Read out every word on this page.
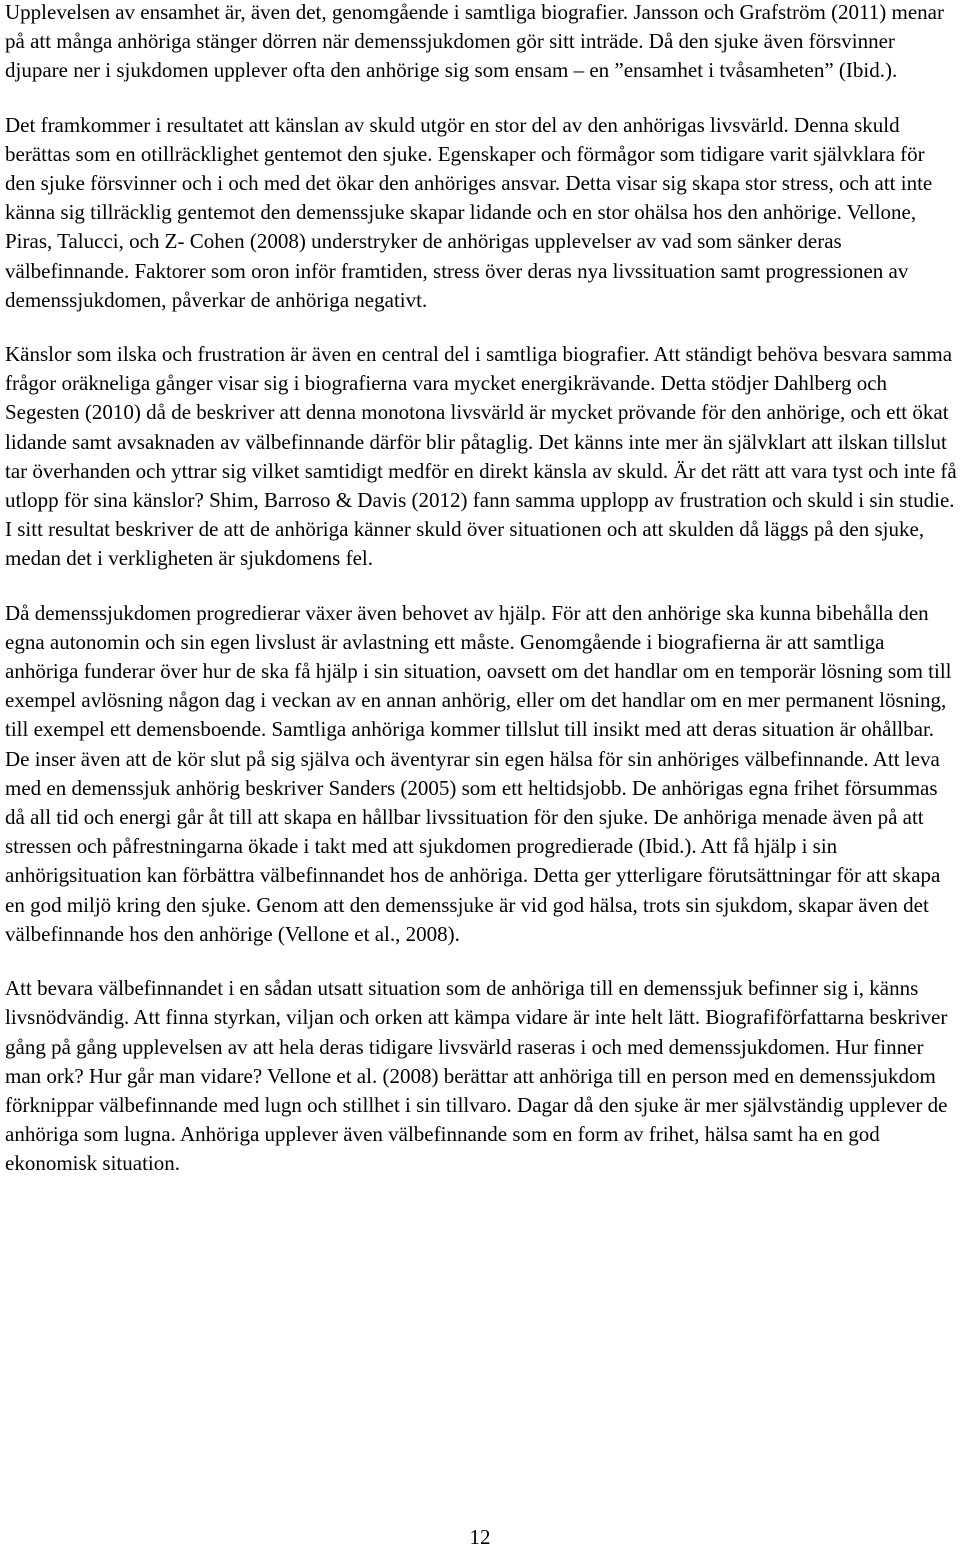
Upplevelsen av ensamhet är, även det, genomgående i samtliga biografier. Jansson och Grafström (2011) menar på att många anhöriga stänger dörren när demenssjukdomen gör sitt inträde. Då den sjuke även försvinner djupare ner i sjukdomen upplever ofta den anhörige sig som ensam – en ”ensamhet i tvåsamheten” (Ibid.).

Det framkommer i resultatet att känslan av skuld utgör en stor del av den anhörigas livsvärld. Denna skuld berättas som en otillräcklighet gentemot den sjuke. Egenskaper och förmågor som tidigare varit självklara för den sjuke försvinner och i och med det ökar den anhöriges ansvar. Detta visar sig skapa stor stress, och att inte känna sig tillräcklig gentemot den demenssjuke skapar lidande och en stor ohälsa hos den anhörige. Vellone, Piras, Talucci, och Z- Cohen (2008) understryker de anhörigas upplevelser av vad som sänker deras välbefinnande. Faktorer som oron inför framtiden, stress över deras nya livssituation samt progressionen av demenssjukdomen, påverkar de anhöriga negativt.

Känslor som ilska och frustration är även en central del i samtliga biografier. Att ständigt behöva besvara samma frågor oräkneliga gånger visar sig i biografierna vara mycket energikrävande. Detta stödjer Dahlberg och Segesten (2010) då de beskriver att denna monotona livsvärld är mycket prövande för den anhörige, och ett ökat lidande samt avsaknaden av välbefinnande därför blir påtaglig. Det känns inte mer än självklart att ilskan tillslut tar överhanden och yttrar sig vilket samtidigt medför en direkt känsla av skuld. Är det rätt att vara tyst och inte få utlopp för sina känslor? Shim, Barroso & Davis (2012) fann samma upplopp av frustration och skuld i sin studie. I sitt resultat beskriver de att de anhöriga känner skuld över situationen och att skulden då läggs på den sjuke, medan det i verkligheten är sjukdomens fel.

Då demenssjukdomen progredierar växer även behovet av hjälp. För att den anhörige ska kunna bibehålla den egna autonomin och sin egen livslust är avlastning ett måste. Genomgående i biografierna är att samtliga anhöriga funderar över hur de ska få hjälp i sin situation, oavsett om det handlar om en temporär lösning som till exempel avlösning någon dag i veckan av en annan anhörig, eller om det handlar om en mer permanent lösning, till exempel ett demensboende. Samtliga anhöriga kommer tillslut till insikt med att deras situation är ohållbar. De inser även att de kör slut på sig själva och äventyrar sin egen hälsa för sin anhöriges välbefinnande. Att leva med en demenssjuk anhörig beskriver Sanders (2005) som ett heltidsjobb. De anhörigas egna frihet försummas då all tid och energi går åt till att skapa en hållbar livssituation för den sjuke. De anhöriga menade även på att stressen och påfrestningarna ökade i takt med att sjukdomen progredierade (Ibid.). Att få hjälp i sin anhörigsituation kan förbättra välbefinnandet hos de anhöriga. Detta ger ytterligare förutsättningar för att skapa en god miljö kring den sjuke. Genom att den demenssjuke är vid god hälsa, trots sin sjukdom, skapar även det välbefinnande hos den anhörige (Vellone et al., 2008).

Att bevara välbefinnandet i en sådan utsatt situation som de anhöriga till en demenssjuk befinner sig i, känns livsnödvändig. Att finna styrkan, viljan och orken att kämpa vidare är inte helt lätt. Biografiförfattarna beskriver gång på gång upplevelsen av att hela deras tidigare livsvärld raseras i och med demenssjukdomen. Hur finner man ork? Hur går man vidare? Vellone et al. (2008) berättar att anhöriga till en person med en demenssjukdom förknippar välbefinnande med lugn och stillhet i sin tillvaro. Dagar då den sjuke är mer självständig upplever de anhöriga som lugna. Anhöriga upplever även välbefinnande som en form av frihet, hälsa samt ha en god ekonomisk situation.

12
